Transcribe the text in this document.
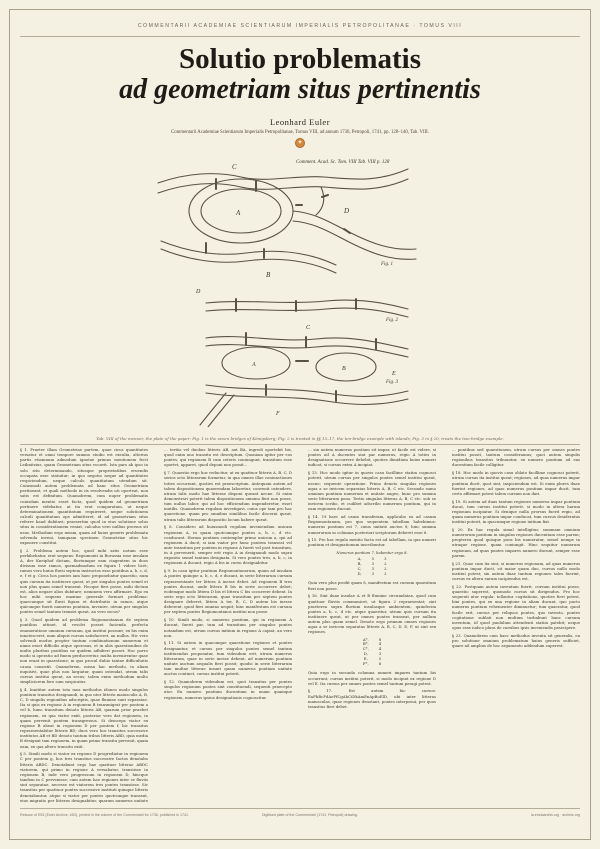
COMMENTARII ACADEMIAE SCIENTIARUM IMPERIALIS PETROPOLITANAE · TOMUS VIII
Solutio problematis
ad geometriam situs pertinentis
Leonhard Euler
Commentarii Academiae Scientiarum Imperialis Petropolitanae, Tomus VIII, ad annum 1736, Petropoli, 1741, pp. 128–140, Tab. VIII.
✦
Comment. Acad. Sc. Tom. VIII Tab. VIII p. 128
Fig. 1
Fig. 2
Fig. 3
C
A	D
B
A
B
C
D
E
F
Tab. VIII of the memoir, the plate of the paper: Fig. 1 is the seven bridges of Königsberg; Fig. 2 is treated in §§ 15–17, the ten-bridge example with islands; Fig. 3 in § 20, treats the two-bridge example.

§ 1. Praeter illam Geometriae partem, quae circa quantitates versatur et omni tempore summo studio est exculta, alterius partis etiamnum admodum ignotae primus mentionem fecit Leibnitzius, quam Geometriam situs vocavit. Ista pars ab ipso in solo situ determinando, situsque proprietatibus eruendis occupata esse statuitur; in quo negotio neque ad quantitates respiciendum, neque calculo quantitatum utendum sit. Cuiusmodi autem problemata ad hanc situs Geometriam pertineant, et quali methodo in iis resolvendis uti oporteat, non satis est definitum. Quamobrem, cum nuper problematis cuiusdam mentio esset facta, quod quidem ad geometriam pertinere videbatur, at ita erat comparatum, ut neque determinationem quantitatum requireret, neque solutionem calculi quantitatum ope admitteret, id ad geometriam situs referre haud dubitavi; praesertim quod in eius solutione solus situs in considerationem veniat, calculus vero nullius prorsus sit usus. Methodum ergo meam, quam ad huius generis problemata solvenda inveni, tamquam specimen Geometriae situs hic exponere constitui.

§ 2. Problema autem hoc, quod mihi satis notum esse perhibebatur, erat sequens: Regiomonti in Borussia esse insulam A, der Kneiphof dictam, fluviumque eam cingentem in duos divisum esse ramos, quemadmodum ex figura 1 videre licet; ramos vero huius fluvii septem instructos esse pontibus a, b, c, d, e, f et g. Circa hos pontes iam haec proponebatur quaestio, num quis cursum ita instituere queat, ut per singulos pontes semel et non plus quam semel transeat. Hocque fieri posse, mihi dictum est, alios negare alios dubitare; neminem vero affirmare. Ego ex hoc mihi sequens maxime generale formavi problema: quaecunque sit fluvii figura et distributio in ramos, atque quicunque fuerit numerus pontium, invenire, utrum per singulos pontes semel tantum transiri queat, an vero secus?

§ 3. Quod quidem ad problema Regiomontanum de septem pontibus attinet, id resolvi posset facienda perfecta enumeratione omnium cursuum, qui institui possunt; ex his enim innotesceret, num aliquis cursus satisfaceret, an nullus. Hic vero solvendi modus propter tantum combinationum numerum et nimis esset difficilis atque operosus, et in aliis quaestionibus de multo pluribus pontibus ne quidem adhiberi posset. Hoc porro modo si operatio ad finem perduceretur, multa invenirentur quae non erant in quaestione; in quo procul dubio tantae difficultatis causa consistit. Quamobrem, missa hac methodo, in aliam inquisivi, quae plus non largiatur, quam ostendat, utrum talis cursus institui queat, an secus; talem enim methodum multo simpliciorem fore sum suspicatus.

§ 4. Innititur autem tota mea methodus idoneo modo singulos pontium transitus designandi, in quo utor litteris maiusculis A, B, C, D singulis regionibus adscriptis, quae flumine sunt separatae. Ita si quis ex regione A in regionem B transmigrat per pontem a vel b, hunc transitum denoto litteris AB, quarum prior praebet regionem, ex qua viator exiit, posterior vero dat regionem, in quam pervenit pontem transgressus. Si deinceps viator ex regione B abeat in regionem D per pontem f, hic transitus repraesentabitur litteris BD; duos vero hos transitus successive institutos AB et BD denoto tantum tribus litteris ABD, quia media B designat tam regionem, in quam primo transitu pervenit, quam eam, ex qua altero transitu exiit.

§ 5. Simili modo si viator ex regione D progrediatur in regionem C per pontem g, hos tres transitus successive factos denotabo litteris ABDC. Denotabunt ergo hae quattuor litterae ABDC viatorem, qui primo in regione A versabatur, transiisse in regionem B, inde vero progressum in regionem D, hincque tandem in C pervenisse; cum autem hae regiones inter se fluviis sint separatae, necesse est viatorem tres pontes transiisse. Sic transitus per quattuor pontes successive instituti quinque litteris denotabuntur, atque si viator per pontes quotcunque transeat, eius migratio per litteras designabitur, quarum numerus unitate

... tertiis vel duobus litteris AB, aut BA, ingredi oportebit bis, quod enim uno transitu est descriptum. Quoniam igitur per eos pontes, qui regionem B cum ceteris coniungunt, transitum esse oportet, apparet, quod deponi non possit...

§ 7. Quaestio ergo huc reducitur, ut ex quattuor litteris A, B, C, D series octo litterarum formetur, in qua omnes illae coniunctiones toties occurrant, quoties est praescriptum. Antequam autem ad talem dispositionem quaerendam laboretur, convenit ostendere, utrum talis modo hae litterae disponi queant necne. Si enim demonstrari poterit talem dispositionem omnino fieri non posse, tum nullus labor, qui ad hoc efficiendum impenderetur, esset inutilis. Quamobrem regulam investigavi, cuius ope tam pro hac quaestione, quam pro omnibus similibus facile discerni queat, utrum talis litterarum dispositio locum habere queat.

§ 8. Considero ad huiusmodi regulam inveniendam unicam regionem A, in quam quotcumque pontes a, b, c, d etc. conducant. Horum pontium contemplor primo unicum a, qui ad regionem A ducit; si iam viator per hunc pontem transeat vel ante transitum per pontem in regione A fuerit vel post transitum, in A pervenerit, semper erit regio A in designandi modo supra exposito semel tantum designata. Si vero pontes tres, a, b, c, in regionem A ducant, regio A bis in cursu designabitur.

§ 9. In casu igitur pontium Regiomontanorum, quum ad insulam A pontes quinque a, b, c, d, e ducant, in serie litterarum cursum repraesentante ter littera A inesse debet. Ad regionem B tres pontes ducunt, unde littera B bis in serie occurrere debet; eodemque modo littera D bis et littera C bis occurrere debent. In serie ergo octo litterarum, quae transitum per septem pontes designare deberet, littera A ter, B, C, D autem bis inesse deberent, quod fieri omnino nequit; hinc manifestum est cursum per septem pontes Regiomontanos institui non posse.

§ 10. Simili modo, si numerus pontium, qui in regionem A ducunt, fuerit par, tum ad transitum per singulos pontes notandum est, utrum cursus initium in regione A capiat, an vero non.

§ 11. Si autem in quacunque quaestione regiones et pontes designantur, et cursus per singulos pontes semel tantum instituendus proponatur, tum videndum erit, utrum numerus litterarum, quae in serie inesse debent, ad numerum pontium unitate auctum aequalis fieri possit; quodsi in serie litterarum tam multae litterae insunt quam numerus pontium unitate auctus continet, cursus institui poterit.

§ 12. Quamobrem videndum est, quot transitus per pontes singulos regionum pontes sint constituendi, sequenti praecepto utor. Ex numero pontium ducentium in unam quamque regionem, numerus ipsius designationis cognoscitur.

... sin autem numerus pontium sit impar, ut facile est videre, si pontes ad A ducentes sint par numerus, regio A toties in designatione occurrere debebit, quoties dimidium huius numeri indicat, si cursus extra A incipiat.

§ 13. Hoc modo igitur in quovis casu facillime statim cognosci poterit, utrum cursus per singulos pontes semel institui queat, necne; sequente operatione. Primo denoto singulas regiones aqua a se invicem separatas litteris A, B, C etc. Secundo sumo omnium pontium numerum et unitate augeo, hunc pro summa serie litterarum pono. Tertio singulas litteras A, B, C etc. sub se invicem scribo, et cuilibet adscribo numerum pontium, qui in eam regionem ducunt.

§ 14. Ut haec ad usum transferam, applicabo ea ad casum Regiomontanum, pro quo sequentem tabellam habebimus: numerus pontium est 7, cuius unitate auctus 8; hinc summa numerorum in columna posteriori scriptorum deberet esse 8.

§ 15. Pro hac regula mentio facta est ad tabellam, in qua numeri pontium et designationum inscribuntur.

Numerus pontium 7, habentur ergo 8.
A,	5	3
B,	3	2
C,	3	2
D,	3	2

Quia vero plus prodit quam 8, manifestum est cursum quaesitum fieri non posse.

§ 16. Sint duae insulae A et B flumine circumdatae, quod cum quattuor fluviis communicet, ut figura 2 repraesentat; sint praeterea supra fluvium insulasque ambientem, quindecim pontes a, b, c, d etc. atque quaeritur, utrum quis cursum ita instituere queat, ut per omnes pontes transeat, per nullum autem plus quam semel. Denoto ergo primum omnes regiones aqua a se invicem separatas litteris A, B, C, D, E, F, ut sint sex regiones.

A*,	8
B*,	4
C*,	4
D,	3
E,	5
F*,	6

Quia ergo in secunda columna numeri impares tantum bis occurrunt, cursus institui poterit, si modo incipiat ex regione D vel E. Ita cursus per omnes pontes semel tantum peragi potest.

§ 17. Est autem hic cursus: EaFbBcFdAeFfCgAhCiDkAmEnApBoElD, ubi inter litteras maiusculas, quae regiones denotant, pontes interposui, per quos transitus fieri debet.

... pontibus sed quaestionem, utrum cursus per omnes pontes institui possit, tantum consideramus; quot autem singulis regionibus transitus tribuuntur, ex numero pontium ad eas ducentium facile colligitur.

§ 18. Hoc modo in quovis casu oblato facillime cognosci poterit, utrum cursus ita institui queat; regiones, ad quas numerus impar pontium ducit, quot sint, inspiciendum est. Si enim plures duae fuerint regiones, ad quas numerus pontium impar ducit, tum certo affirmari potest talem cursum non dari.

§ 19. Si autem ad duas tantum regiones numerus impar pontium ducat, tum cursus institui poterit, si modo in altera harum regionum incipiatur. Si denique nulla prorsus fuerit regio, ad quam numerus pontium impar conducat, tum cursus desideratus institui poterit, in quacumque regione initium fiat.

§ 20. Ex hac regula simul intelligitur, summam omnium numerorum pontium in singulas regiones ducentium esse parem; propterea quod quisque pons bis numeratur, semel nempe in utraque regione, quam coniungit. Hinc sequitur numerum regionum, ad quas pontes impares numero ducunt, semper esse parem.

§ 21. Quae cum ita sint, si numerus regionum, ad quas numerus pontium impar ducit, sit maior quam duo, cursus nullo modo institui potest; sin autem duae tantum regiones tales fuerint, cursus ex altera earum incipiendus est.

§ 22. Postquam autem inventum fuerit, cursum institui posse, quaestio superest, quomodo cursus sit dirigendus. Pro hoc sequenti utor regula: tollantur cogitatione, quoties fieri potest, bini pontes, qui ex una regione in aliam ducunt, quo pacto numerus pontium vehementer diminuetur; tum quaeratur, quod facile erit, cursus per reliquos pontes, quo invento, pontes cogitatione sublati non multum turbabunt hunc cursum inventum, id quod paululum attendenti statim patebit; neque opus esse iudico plura de cursibus ipsis inveniendis praecipere.

§ 23. Quamobrem cum haec methodus inventa sit generalis, ea pro solutione omnium problematum huius generis sufficiet, quare nil amplius de hoc argumento addendum superest.

Reissue of E53 (Euler Archive, #53), printed in the volume of the Commentarii for 1736, published in 1741.	Digitised plate of the Commentarii (1741, Petropoli) drawing.	la.eneiaarchiv.org · archive.org
